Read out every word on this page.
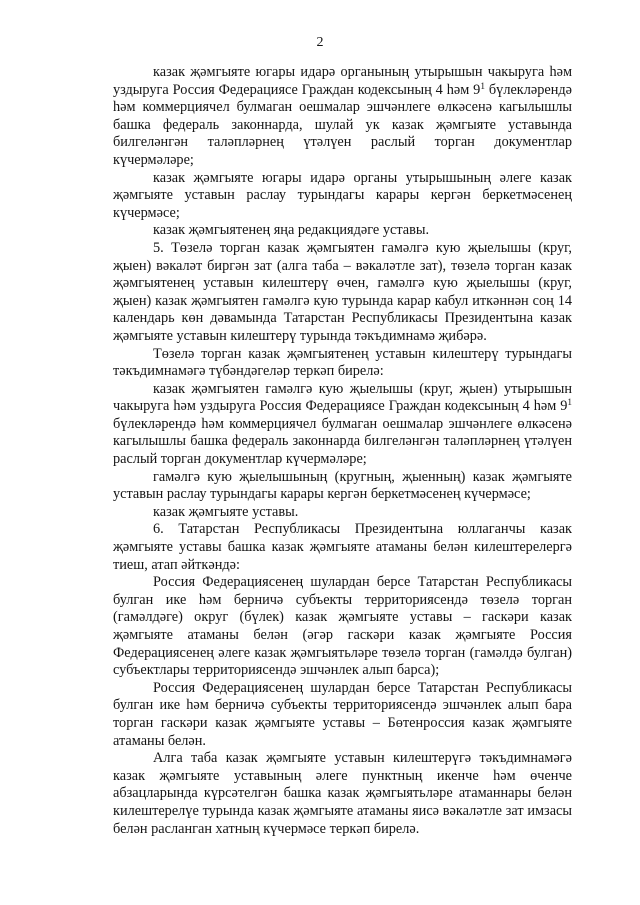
2

казак җәмгыяте югары идарә органының утырышын чакыруга һәм уздыруга Россия Федерациясе Граждан кодексының 4 һәм $9^1$ бүлекләрендә һәм коммерциячел булмаган оешмалар эшчәнлеге өлкәсенә кагылышлы башка федераль законнарда, шулай ук казак җәмгыяте уставында билгеләнгән таләпләрнең үтәлүен раслый торган документлар күчермәләре;

казак җәмгыяте югары идарә органы утырышының әлеге казак җәмгыяте уставын раслау турындагы карары кергән беркетмәсенең күчермәсе;

казак җәмгыятенең яңа редакциядәге уставы.

5. Төзелә торган казак җәмгыятен гамәлгә кую җыелышы (круг, җыен) вәкаләт биргән зат (алга таба – вәкаләтле зат), төзелә торган казак җәмгыятенең уставын килештерү өчен, гамәлгә кую җыелышы (круг, җыен) казак җәмгыятен гамәлгә кую турында карар кабул иткәннән соң 14 календарь көн дәвамында Татарстан Республикасы Президентына казак җәмгыяте уставын килештерү турында тәкъдимнамә җибәрә.

Төзелә торган казак җәмгыятенең уставын килештерү турындагы тәкъдимнамәгә түбәндәгеләр теркәп бирелә:

казак җәмгыятен гамәлгә кую җыелышы (круг, җыен) утырышын чакыруга һәм уздыруга Россия Федерациясе Граждан кодексының 4 һәм $9^1$ бүлекләрендә һәм коммерциячел булмаган оешмалар эшчәнлеге өлкәсенә кагылышлы башка федераль законнарда билгеләнгән таләпләрнең үтәлүен раслый торган документлар күчермәләре;

гамәлгә кую җыелышының (кругның, җыенның) казак җәмгыяте уставын раслау турындагы карары кергән беркетмәсенең күчермәсе;

казак җәмгыяте уставы.

6. Татарстан Республикасы Президентына юллаганчы казак җәмгыяте уставы башка казак җәмгыяте атаманы белән килештерелергә тиеш, атап әйткәндә:

Россия Федерациясенең шулардан берсе Татарстан Республикасы булган ике һәм берничә субъекты территориясендә төзелә торган (гамәлдәге) округ (бүлек) казак җәмгыяте уставы – гаскәри казак җәмгыяте атаманы белән (әгәр гаскәри казак җәмгыяте Россия Федерациясенең әлеге казак җәмгыятьләре төзелә торган (гамәлдә булган) субъектлары территориясендә эшчәнлек алып барса);

Россия Федерациясенең шулардан берсе Татарстан Республикасы булган ике һәм берничә субъекты территориясендә эшчәнлек алып бара торган гаскәри казак җәмгыяте уставы – Бөтенроссия казак җәмгыяте атаманы белән.

Алга таба казак җәмгыяте уставын килештерүгә тәкъдимнамәгә казак җәмгыяте уставының әлеге пунктның икенче һәм өченче абзацларында күрсәтелгән башка казак җәмгыятьләре атаманнары белән килештерелүе турында казак җәмгыяте атаманы яисә вәкаләтле зат имзасы белән расланган хатның күчермәсе теркәп бирелә.
